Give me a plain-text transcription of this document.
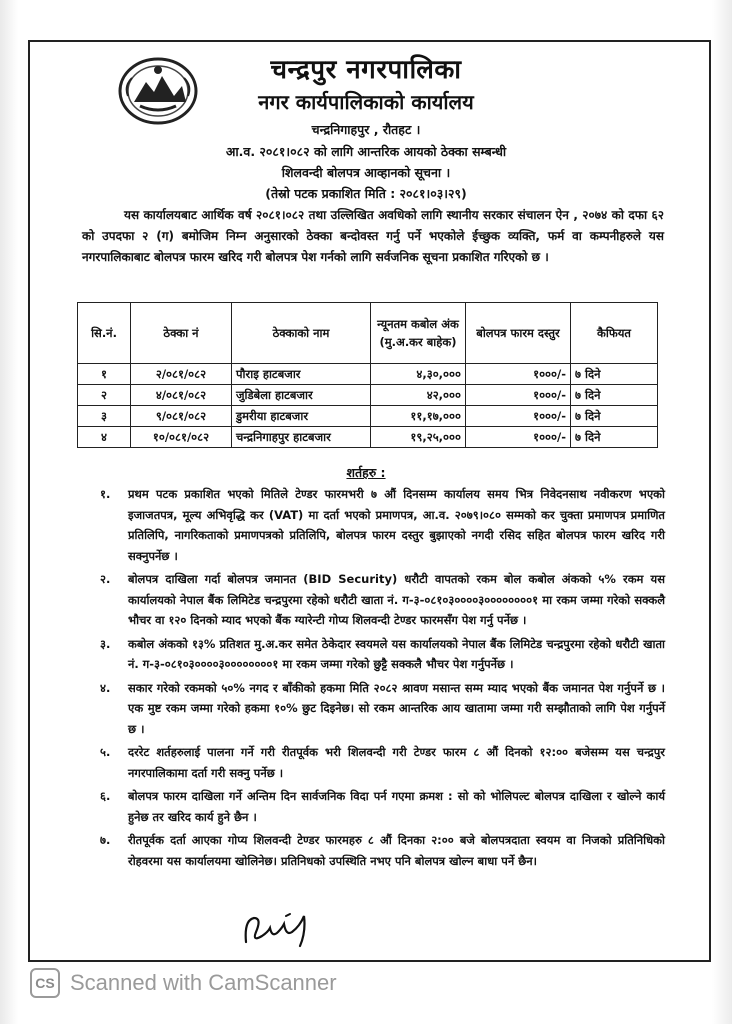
चन्द्रपुर नगरपालिका
नगर कार्यपालिकाको कार्यालय
चन्द्रनिगाहपुर , रौतहट ।
आ.व. २०८१।०८२ को लागि आन्तरिक आयको ठेक्का सम्बन्धी
शिलवन्दी बोलपत्र आव्हानको सूचना ।
(तेस्रो पटक प्रकाशित मिति : २०८१।०३।२९)

यस कार्यालयबाट आर्थिक वर्ष २०८१।०८२ तथा उल्लिखित अवधिको लागि स्थानीय सरकार संचालन ऐन , २०७४ को दफा ६२ को उपदफा २ (ग) बमोजिम निम्न अनुसारको ठेक्का बन्दोवस्त गर्नु पर्ने भएकोले ईच्छुक व्यक्ति, फर्म वा कम्पनीहरुले यस नगरपालिकाबाट बोलपत्र फारम खरिद गरी बोलपत्र पेश गर्नको लागि सर्वजनिक सूचना प्रकाशित गरिएको छ ।

सि.नं.	ठेक्का नं	ठेक्काको नाम	न्यूनतम कबोल अंक (मु.अ.कर बाहेक)	बोलपत्र फारम दस्तुर	कैफियत
१	२/०८१/०८२	पौराइ हाटबजार	४,३०,०००	१०००/-	७ दिने
२	४/०८१/०८२	जुडिबेला हाटबजार	४२,०००	१०००/-	७ दिने
३	९/०८१/०८२	डुमरीया हाटबजार	११,१७,०००	१०००/-	७ दिने
४	१०/०८१/०८२	चन्द्रनिगाहपुर हाटबजार	१९,२५,०००	१०००/-	७ दिने
शर्तहरु :
१. प्रथम पटक प्रकाशित भएको मितिले टेण्डर फारमभरी ७ औं दिनसम्म कार्यालय समय भित्र निवेदनसाथ नवीकरण भएको इजाजतपत्र, मूल्य अभिवृद्धि कर (VAT) मा दर्ता भएको प्रमाणपत्र, आ.व. २०७९।०८० सम्मको कर चुक्ता प्रमाणपत्र प्रमाणित प्रतिलिपि, नागरिकताको प्रमाणपत्रको प्रतिलिपि, बोलपत्र फारम दस्तुर बुझाएको नगदी रसिद सहित बोलपत्र फारम खरिद गरी सक्नुपर्नेछ ।
२. बोलपत्र दाखिला गर्दा बोलपत्र जमानत (BID Security) धरौटी वापतको रकम बोल कबोल अंकको ५% रकम यस कार्यालयको नेपाल बैंक लिमिटेड चन्द्रपुरमा रहेको धरौटी खाता नं. ग-३-०८१०३००००३००००००००१ मा रकम जम्मा गरेको सक्कलै भौचर वा १२० दिनको म्याद भएको बैंक ग्यारेन्टी गोप्य शिलवन्दी टेण्डर फारमसँग पेश गर्नु पर्नेछ ।
३. कबोल अंकको १३% प्रतिशत मु.अ.कर समेत ठेकेदार स्वयमले यस कार्यालयको नेपाल बैंक लिमिटेड चन्द्रपुरमा रहेको धरौटी खाता नं. ग-३-०८१०३००००३००००००००१ मा रकम जम्मा गरेको छुट्टै सक्कलै भौचर पेश गर्नुपर्नेछ ।
४. सकार गरेको रकमको ५०% नगद र बाँकीको हकमा मिति २०८२ श्रावण मसान्त सम्म म्याद भएको बैंक जमानत पेश गर्नुपर्ने छ । एक मुष्ट रकम जम्मा गरेको हकमा १०% छुट दिइनेछ। सो रकम आन्तरिक आय खातामा जम्मा गरी सम्झौताको लागि पेश गर्नुपर्ने छ ।
५. दररेट शर्तहरुलाई पालना गर्ने गरी रीतपूर्वक भरी शिलवन्दी गरी टेण्डर फारम ८ औं दिनको १२:०० बजेसम्म यस चन्द्रपुर नगरपालिकामा दर्ता गरी सक्नु पर्नेछ ।
६. बोलपत्र फारम दाखिला गर्ने अन्तिम दिन सार्वजनिक विदा पर्न गएमा क्रमश : सो को भोलिपल्ट बोलपत्र दाखिला र खोल्ने कार्य हुनेछ तर खरिद कार्य हुने छैन ।
७. रीतपूर्वक दर्ता आएका गोप्य शिलवन्दी टेण्डर फारमहरु ८ औं दिनका २:०० बजे बोलपत्रदाता स्वयम वा निजको प्रतिनिधिको रोहवरमा यस कार्यालयमा खोलिनेछ। प्रतिनिधको उपस्थिति नभए पनि बोलपत्र खोल्न बाधा पर्ने छैन।
CS Scanned with CamScanner
